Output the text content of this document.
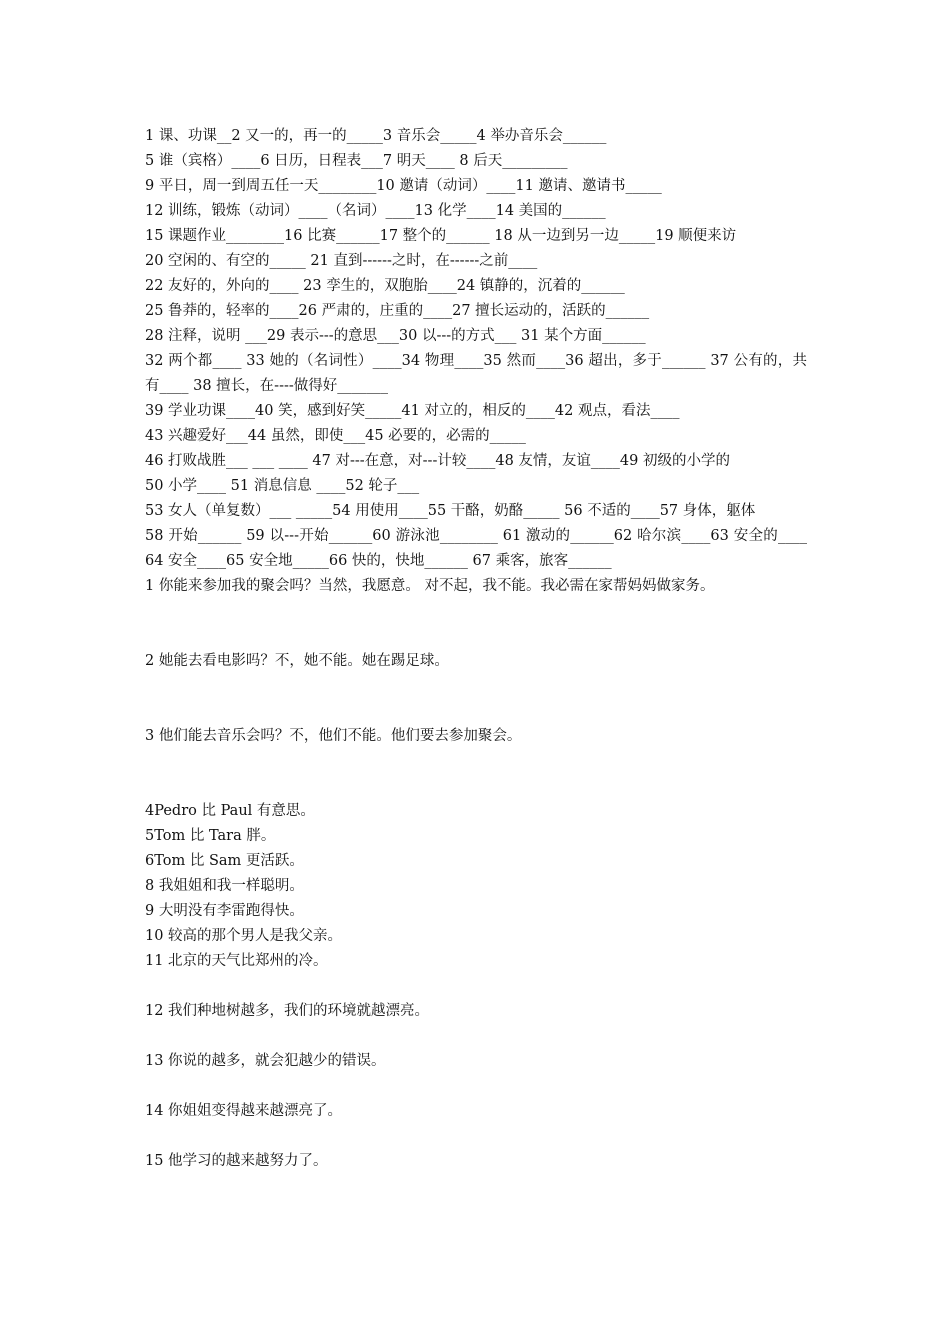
1 课、功课__2 又一的，再一的_____3 音乐会_____4 举办音乐会______
5 谁（宾格）____6 日历，日程表___7 明天____ 8 后天_________
9 平日，周一到周五任一天________10 邀请（动词）____11 邀请、邀请书_____
12 训练，锻炼（动词）____（名词）____13 化学____14 美国的______
15 课题作业________16 比赛______17 整个的______ 18 从一边到另一边_____19 顺便来访
20 空闲的、有空的_____ 21 直到------之时，在------之前____
22 友好的，外向的____ 23 孪生的，双胞胎____24 镇静的，沉着的______
25 鲁莽的，轻率的____26 严肃的，庄重的____27 擅长运动的，活跃的______
28 注释，说明 ___29 表示---的意思___30 以---的方式___ 31 某个方面______
32 两个都____ 33 她的（名词性）____34 物理____35 然而____36 超出，多于______ 37 公有的，共有____ 38 擅长，在----做得好_______
39 学业功课____40 笑，感到好笑_____41 对立的，相反的____42 观点，看法____
43 兴趣爱好___44 虽然，即使___45 必要的，必需的_____
46 打败战胜___ ___ ____ 47 对---在意，对---计较____48 友情，友谊____49 初级的小学的
50 小学____ 51 消息信息 ____52 轮子___
53 女人（单复数）___ _____54 用使用____55 干酪，奶酪_____ 56 不适的____57 身体，躯体
58 开始______ 59 以---开始______60 游泳池________ 61 激动的______62 哈尔滨____63 安全的____ 64 安全____65 安全地_____66 快的，快地______ 67 乘客，旅客______
1 你能来参加我的聚会吗？当然，我愿意。 对不起，我不能。我必需在家帮妈妈做家务。
2 她能去看电影吗？不，她不能。她在踢足球。
3 他们能去音乐会吗？不，他们不能。他们要去参加聚会。
4Pedro 比 Paul 有意思。
5Tom 比 Tara 胖。
6Tom 比 Sam 更活跃。
8 我姐姐和我一样聪明。
9 大明没有李雷跑得快。
10 较高的那个男人是我父亲。
11 北京的天气比郑州的冷。
12 我们种地树越多，我们的环境就越漂亮。
13 你说的越多，就会犯越少的错误。
14 你姐姐变得越来越漂亮了。
15 他学习的越来越努力了。
